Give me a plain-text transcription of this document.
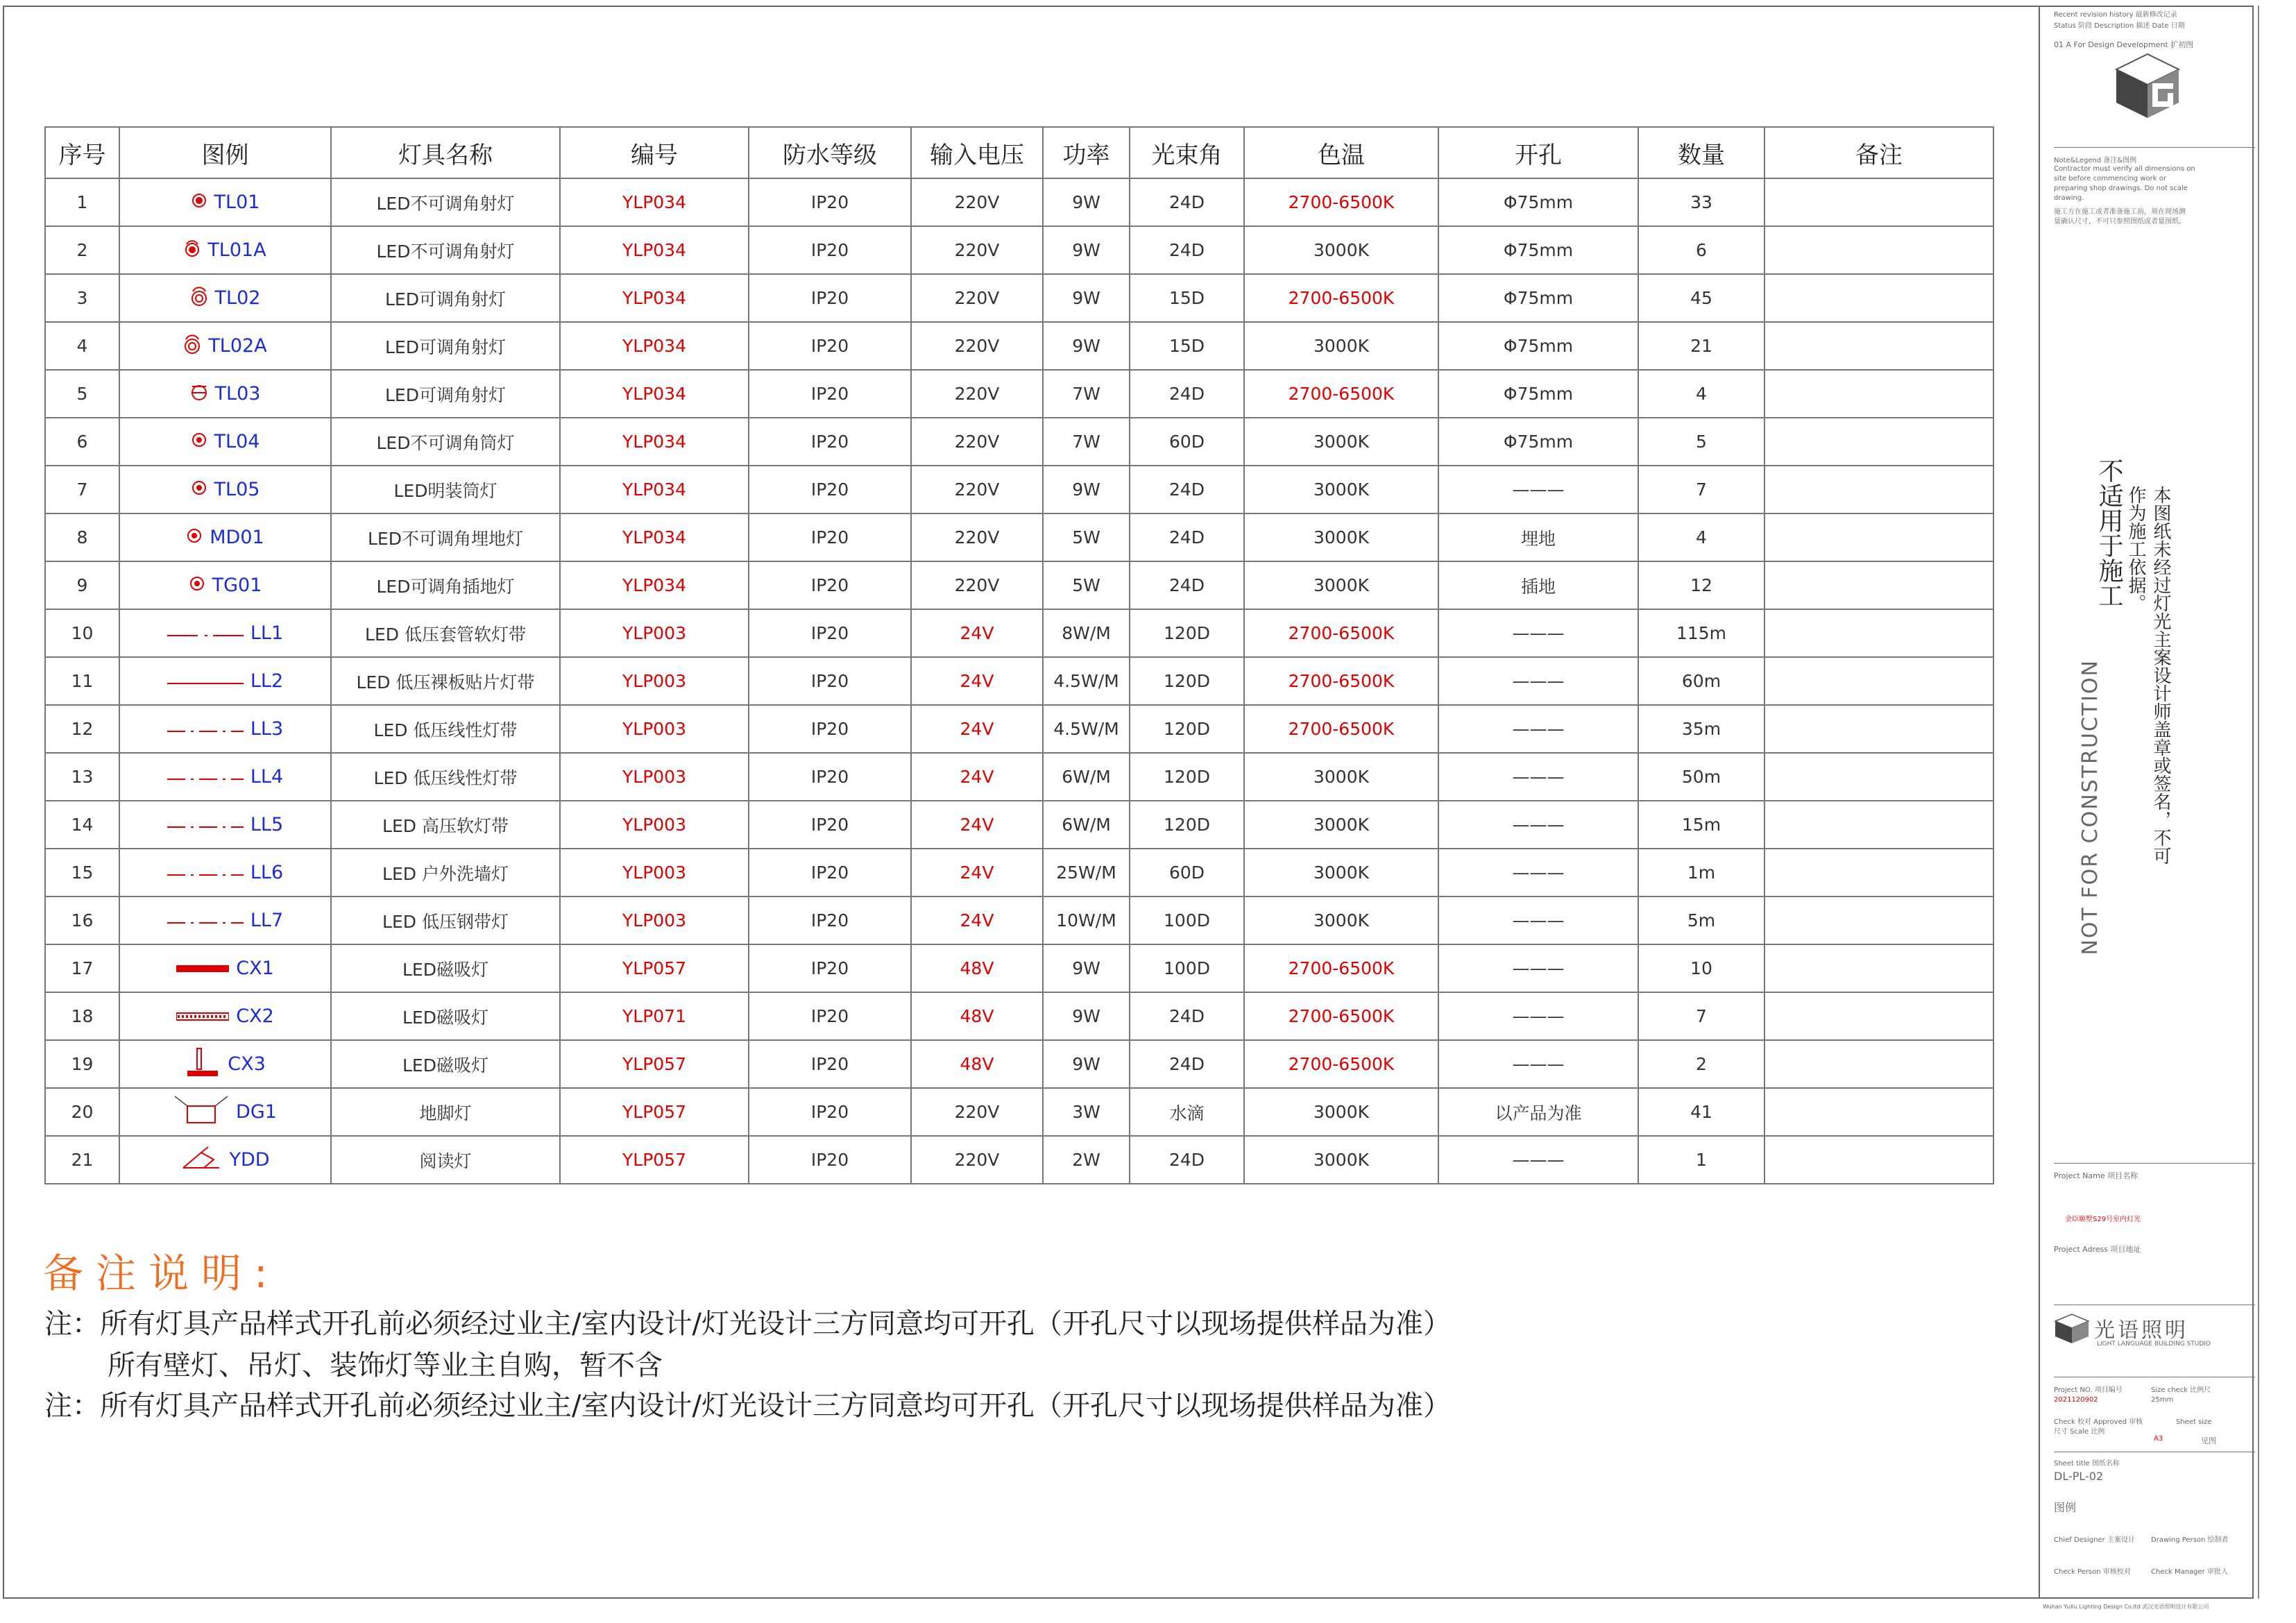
序号	图例	灯具名称	编号	防水等级	输入电压	功率	光束角	色温	开孔	数量	备注
1	TL01	LED不可调角射灯	YLP034	IP20	220V	9W	24D	2700-6500K	Φ75mm	33	
2	TL01A	LED不可调角射灯	YLP034	IP20	220V	9W	24D	3000K	Φ75mm	6	
3	TL02	LED可调角射灯	YLP034	IP20	220V	9W	15D	2700-6500K	Φ75mm	45	
4	TL02A	LED可调角射灯	YLP034	IP20	220V	9W	15D	3000K	Φ75mm	21	
5	TL03	LED可调角射灯	YLP034	IP20	220V	7W	24D	2700-6500K	Φ75mm	4	
6	TL04	LED不可调角筒灯	YLP034	IP20	220V	7W	60D	3000K	Φ75mm	5	
7	TL05	LED明装筒灯	YLP034	IP20	220V	9W	24D	3000K	———	7	
8	MD01	LED不可调角埋地灯	YLP034	IP20	220V	5W	24D	3000K	埋地	4	
9	TG01	LED可调角插地灯	YLP034	IP20	220V	5W	24D	3000K	插地	12	
10	LL1	LED 低压套管软灯带	YLP003	IP20	24V	8W/M	120D	2700-6500K	———	115m	
11	LL2	LED 低压裸板贴片灯带	YLP003	IP20	24V	4.5W/M	120D	2700-6500K	———	60m	
12	LL3	LED 低压线性灯带	YLP003	IP20	24V	4.5W/M	120D	2700-6500K	———	35m	
13	LL4	LED 低压线性灯带	YLP003	IP20	24V	6W/M	120D	3000K	———	50m	
14	LL5	LED 高压软灯带	YLP003	IP20	24V	6W/M	120D	3000K	———	15m	
15	LL6	LED 户外洗墙灯	YLP003	IP20	24V	25W/M	60D	3000K	———	1m	
16	LL7	LED 低压钢带灯	YLP003	IP20	24V	10W/M	100D	3000K	———	5m	
17	CX1	LED磁吸灯	YLP057	IP20	48V	9W	100D	2700-6500K	———	10	
18	CX2	LED磁吸灯	YLP071	IP20	48V	9W	24D	2700-6500K	———	7	
19	CX3	LED磁吸灯	YLP057	IP20	48V	9W	24D	2700-6500K	———	2	
20	DG1	地脚灯	YLP057	IP20	220V	3W	水滴	3000K	以产品为准	41	
21	YDD	阅读灯	YLP057	IP20	220V	2W	24D	3000K	———	1	
备注说明:
注：所有灯具产品样式开孔前必须经过业主/室内设计/灯光设计三方同意均可开孔（开孔尺寸以现场提供样品为准）
所有壁灯、吊灯、装饰灯等业主自购，暂不含
注：所有灯具产品样式开孔前必须经过业主/室内设计/灯光设计三方同意均可开孔（开孔尺寸以现场提供样品为准）
Recent revision history 最新修改记录
Status 阶段 Description 描述 Date 日期
01 A For Design Development 扩初图
Note&Legend 备注&图例
Contractor must verify all dimensions on
site before commencing work or
preparing shop drawings. Do not scale
drawing.
施工方在施工或者准备施工前，须在现场测
量确认尺寸，不可只参照图纸或者量图纸。
不适用于施工
NOT FOR CONSTRUCTION	本图纸未经过灯光主案设计师盖章或签名，不可作为施工依据。
Project Name 项目名称
金臣颐墅S29号室内灯光
Project Adress 项目地址
光语照明
LIGHT LANGUAGE BUILDING STUDIO
Project NO. 项目编号
2021120902
Size check 比例尺
25mm
Check 校对 Approved 审核
尺寸 Scale 比例
A3
Sheet size
见图
Sheet title 图纸名称
DL-PL-02
图例
Chief Designer 主案设计 Drawing Person 绘制者
Check Person 审核校对	Check Manager 审批人
Wuhan YuXu Lighting Design Co.ltd 武汉光语照明设计有限公司
